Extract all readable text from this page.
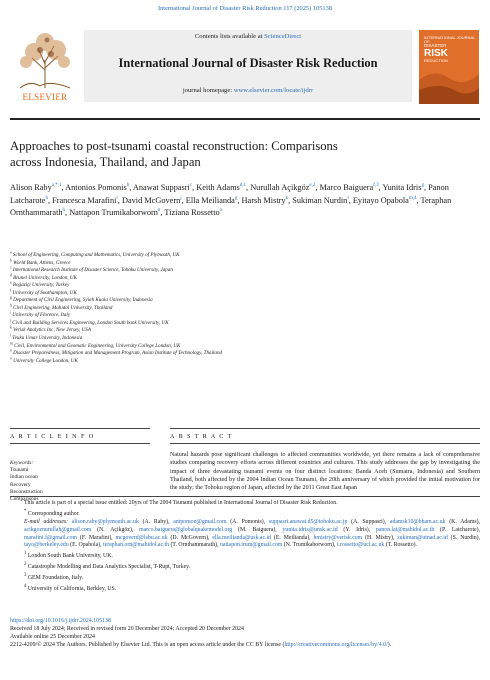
International Journal of Disaster Risk Reduction 117 (2025) 105138
ELSEVIER
Contents lists available at ScienceDirect
International Journal of Disaster Risk Reduction
journal homepage: www.elsevier.com/locate/ijdrr
INTERNATIONAL JOURNAL OF
DISASTER
RISK
REDUCTION
Approaches to post-tsunami coastal reconstruction: Comparisons
across Indonesia, Thailand, and Japan
Alison Raby$^{a,*,1}$, Antonios Pomonis$^b$, Anawat Suppasri$^c$, Keith Adams$^{d,1}$, Nurullah Açikgöz$^{e,2}$, Marco Baiguera$^{f,3}$, Yunita Idris$^g$, Panon Latcharote$^h$, Francesca Marafini$^i$, David McGovern$^j$, Ella Meilianda$^g$, Harsh Mistry$^k$, Sukiman Nurdin$^l$, Eyitayo Opabola$^{m,4}$, Teraphan Ornthammarath$^h$, Nattapon Trumikaborworn$^n$, Tiziana Rossetto$^o$
$^a$ School of Engineering, Computing and Mathematics, University of Plymouth, UK
$^b$ World Bank, Athens, Greece
$^c$ International Research Institute of Disaster Science, Tohoku University, Japan
$^d$ Brunel University, London, UK
$^e$ Boğaziçi University, Turkey
$^f$ University of Southampton, UK
$^g$ Department of Civil Engineering, Syiah Kuala University, Indonesia
$^h$ Civil Engineering, Mahidol University, Thailand
$^i$ University of Florence, Italy
$^j$ Civil and Building Services Engineering, London South bank University, UK
$^k$ Verisk Analytics Inc, New Jersey, USA
$^l$ Teuku Umar University, Indonesia
$^m$ Civil, Environmental and Geomatic Engineering, University College London, UK
$^n$ Disaster Preparedness, Mitigation and Management Program, Asian Institute of Technology, Thailand
$^o$ University College London, UK
A R T I C L E I N F O	A B S T R A C T
Keywords:
Tsunami
Indian ocean
Recovery
Reconstruction
Comparisons
Natural hazards pose significant challenges to affected communities worldwide, yet there remains a lack of comprehensive studies comparing recovery efforts across different countries and cultures. This study addresses the gap by investigating the impact of three devastating tsunami events on four distinct locations: Banda Aceh (Sumatra, Indonesia) and Southern Thailand, both affected by the 2004 Indian Ocean Tsunami, the 20th anniversary of which provided the initial motivation for the study; the Tohoku region of Japan, affected by the 2011 Great East Japan
This article is part of a special issue entitled: 20yrs of The 2004 Tsunami published in International Journal of Disaster Risk Reduction.
* Corresponding author.
E-mail addresses: alison.raby@plymouth.ac.uk (A. Raby), antpomon@gmail.com (A. Pomonis), suppasri.anawat.d5@tohoku.ac.jp (A. Suppasri), adamsk10@bham.ac.uk (K. Adams), acikgoznurullah@gmail.com (N. Açikgöz), marco.baiguera@globalquakemodel.org (M. Baiguera), yunita.idris@unsk.ac.id (Y. Idris), panon.lat@mahidol.ac.th (P. Latcharote), marafini.f@gmail.com (F. Marafini), mcgoverd@lsbu.ac.uk (D. McGovern), ella.meilianda@usk.ac.id (E. Meilianda), hmistry@verisk.com (H. Mistry), sukiman@utnad.ac.id (S. Nurdin), tayo@berkeley.edu (E. Opabola), teraphan.orn@mahidol.ac.th (T. Ornthammarath), nattapon.trum@gmail.com (N. Trumikaborworn), t.rossetto@ucl.ac.uk (T. Rossetto).
$^1$ London South Bank University, UK.
$^2$ Catastrophe Modelling and Data Analytics Specialist, T-Rupt, Turkey.
$^3$ GEM Foundation, Italy.
$^4$ University of California, Berkley, US.
https://doi.org/10.1016/j.ijdrr.2024.105138
Received 18 July 2024; Received in revised form 20 December 2024; Accepted 20 December 2024
Available online 25 December 2024
2212-4209/© 2024 The Authors. Published by Elsevier Ltd. This is an open access article under the CC BY license (http://creativecommons.org/licenses/by/4.0/).
